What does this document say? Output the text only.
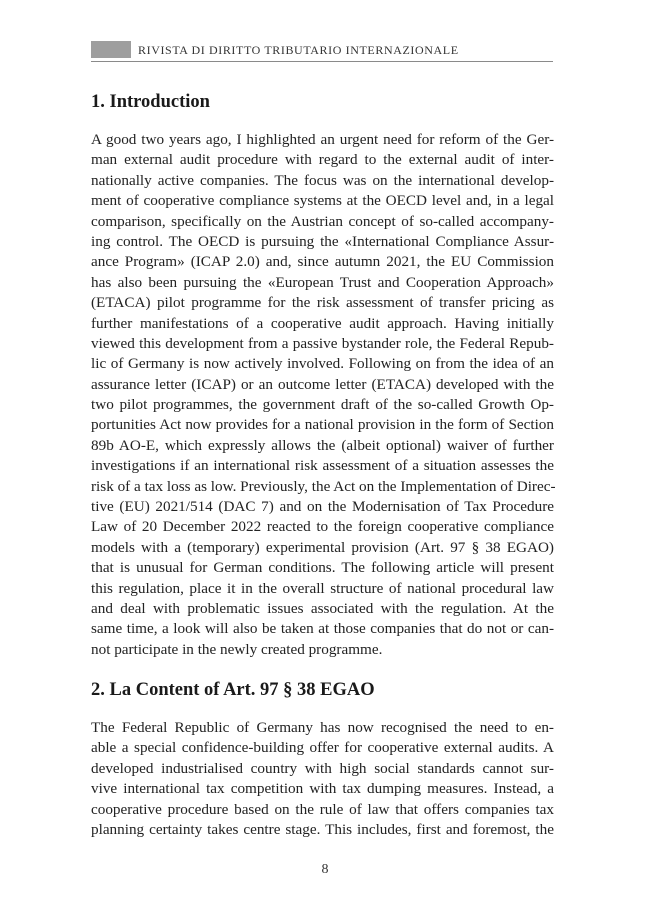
RIVISTA DI DIRITTO TRIBUTARIO INTERNAZIONALE
1. Introduction
A good two years ago, I highlighted an urgent need for reform of the Ger-
man external audit procedure with regard to the external audit of inter-
nationally active companies. The focus was on the international develop-
ment of cooperative compliance systems at the OECD level and, in a legal
comparison, specifically on the Austrian concept of so-called accompany-
ing control. The OECD is pursuing the «International Compliance Assur-
ance Program» (ICAP 2.0) and, since autumn 2021, the EU Commission
has also been pursuing the «European Trust and Cooperation Approach»
(ETACA) pilot programme for the risk assessment of transfer pricing as
further manifestations of a cooperative audit approach. Having initially
viewed this development from a passive bystander role, the Federal Repub-
lic of Germany is now actively involved. Following on from the idea of an
assurance letter (ICAP) or an outcome letter (ETACA) developed with the
two pilot programmes, the government draft of the so-called Growth Op-
portunities Act now provides for a national provision in the form of Section
89b AO-E, which expressly allows the (albeit optional) waiver of further
investigations if an international risk assessment of a situation assesses the
risk of a tax loss as low. Previously, the Act on the Implementation of Direc-
tive (EU) 2021/514 (DAC 7) and on the Modernisation of Tax Procedure
Law of 20 December 2022 reacted to the foreign cooperative compliance
models with a (temporary) experimental provision (Art. 97 § 38 EGAO)
that is unusual for German conditions. The following article will present
this regulation, place it in the overall structure of national procedural law
and deal with problematic issues associated with the regulation. At the
same time, a look will also be taken at those companies that do not or can-
not participate in the newly created programme.
2. La Content of Art. 97 § 38 EGAO
The Federal Republic of Germany has now recognised the need to en-
able a special confidence-building offer for cooperative external audits. A
developed industrialised country with high social standards cannot sur-
vive international tax competition with tax dumping measures. Instead, a
cooperative procedure based on the rule of law that offers companies tax
planning certainty takes centre stage. This includes, first and foremost, the
8
